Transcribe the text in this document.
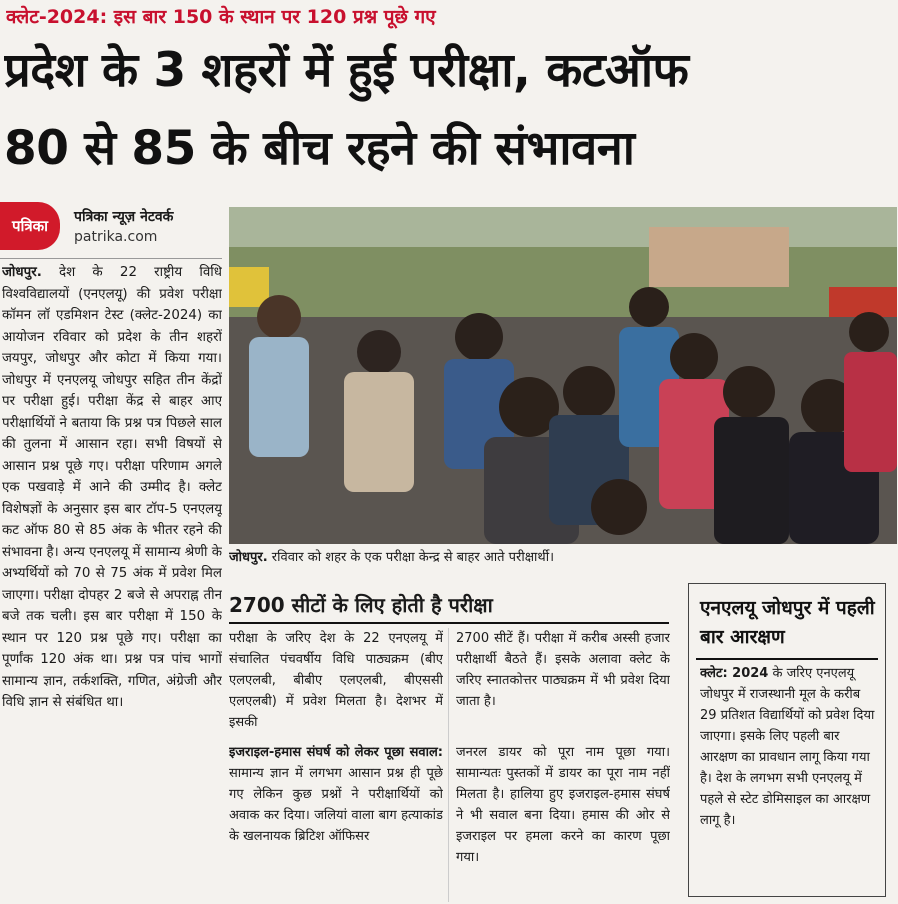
क्लेट-2024: इस बार 150 के स्थान पर 120 प्रश्न पूछे गए
प्रदेश के 3 शहरों में हुई परीक्षा, कटऑफ
80 से 85 के बीच रहने की संभावना
पत्रिका	पत्रिका न्यूज़ नेटवर्क
patrika.com
जोधपुर. देश के 22 राष्ट्रीय विधि विश्वविद्यालयों (एनएलयू) की प्रवेश परीक्षा कॉमन लॉ एडमिशन टेस्ट (क्लेट-2024) का आयोजन रविवार को प्रदेश के तीन शहरों जयपुर, जोधपुर और कोटा में किया गया। जोधपुर में एनएलयू जोधपुर सहित तीन केंद्रों पर परीक्षा हुई। परीक्षा केंद्र से बाहर आए परीक्षार्थियों ने बताया कि प्रश्न पत्र पिछले साल की तुलना में आसान रहा। सभी विषयों से आसान प्रश्न पूछे गए। परीक्षा परिणाम अगले एक पखवाड़े में आने की उम्मीद है। क्लेट विशेषज्ञों के अनुसार इस बार टॉप-5 एनएलयू कट ऑफ 80 से 85 अंक के भीतर रहने की संभावना है। अन्य एनएलयू में सामान्य श्रेणी के अभ्यर्थियों को 70 से 75 अंक में प्रवेश मिल जाएगा। परीक्षा दोपहर 2 बजे से अपराह्न तीन बजे तक चली। इस बार परीक्षा में 150 के स्थान पर 120 प्रश्न पूछे गए। परीक्षा का पूर्णांक 120 अंक था। प्रश्न पत्र पांच भागों सामान्य ज्ञान, तर्कशक्ति, गणित, अंग्रेजी और विधि ज्ञान से संबंधित था।
जोधपुर. रविवार को शहर के एक परीक्षा केन्द्र से बाहर आते परीक्षार्थी।
2700 सीटों के लिए होती है परीक्षा
परीक्षा के जरिए देश के 22 एनएलयू में संचालित पंचवर्षीय विधि पाठ्यक्रम (बीए एलएलबी, बीबीए एलएलबी, बीएससी एलएलबी) में प्रवेश मिलता है। देशभर में इसकी
2700 सीटें हैं। परीक्षा में करीब अस्सी हजार परीक्षार्थी बैठते हैं। इसके अलावा क्लेट के जरिए स्नातकोत्तर पाठ्यक्रम में भी प्रवेश दिया जाता है।
इजराइल-हमास संघर्ष को लेकर पूछा सवाल: सामान्य ज्ञान में लगभग आसान प्रश्न ही पूछे गए लेकिन कुछ प्रश्नों ने परीक्षार्थियों को अवाक कर दिया। जलियां वाला बाग हत्याकांड के खलनायक ब्रिटिश ऑफिसर
जनरल डायर को पूरा नाम पूछा गया। सामान्यतः पुस्तकों में डायर का पूरा नाम नहीं मिलता है। हालिया हुए इजराइल-हमास संघर्ष ने भी सवाल बना दिया। हमास की ओर से इजराइल पर हमला करने का कारण पूछा गया।
एनएलयू जोधपुर में पहली बार आरक्षण
क्लेट: 2024 के जरिए एनएलयू जोधपुर में राजस्थानी मूल के करीब 29 प्रतिशत विद्यार्थियों को प्रवेश दिया जाएगा। इसके लिए पहली बार आरक्षण का प्रावधान लागू किया गया है। देश के लगभग सभी एनएलयू में पहले से स्टेट डोमिसाइल का आरक्षण लागू है।
